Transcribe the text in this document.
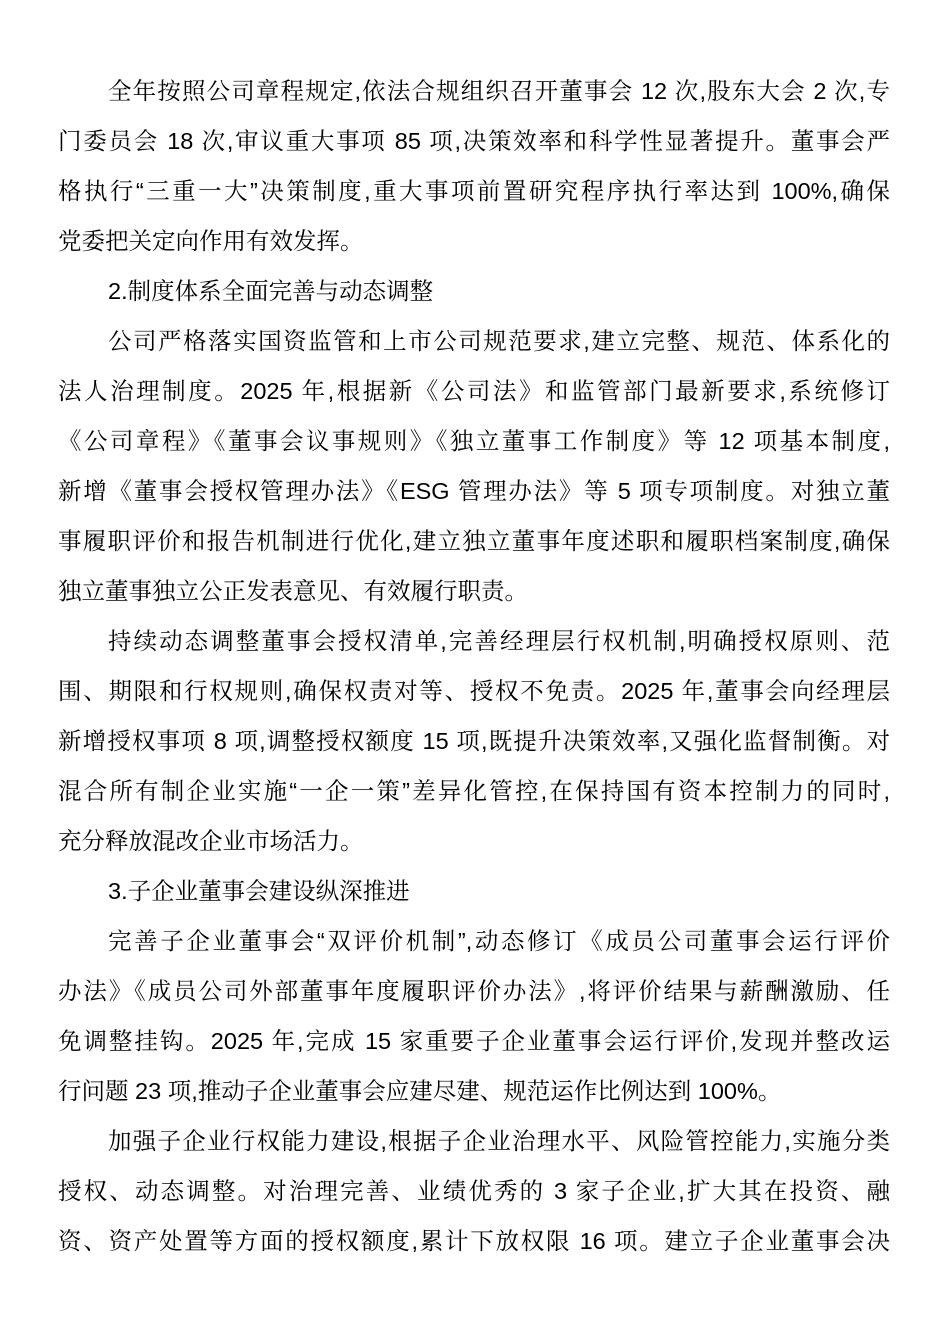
全年按照公司章程规定,依法合规组织召开董事会 12 次,股东大会 2 次,专
门委员会 18 次,审议重大事项 85 项,决策效率和科学性显著提升。董事会严
格执行“三重一大”决策制度,重大事项前置研究程序执行率达到 100%,确保
党委把关定向作用有效发挥。
2.制度体系全面完善与动态调整
公司严格落实国资监管和上市公司规范要求,建立完整、规范、体系化的
法人治理制度。2025 年,根据新《公司法》和监管部门最新要求,系统修订
《公司章程》《董事会议事规则》《独立董事工作制度》等 12 项基本制度,
新增《董事会授权管理办法》《ESG 管理办法》等 5 项专项制度。对独立董
事履职评价和报告机制进行优化,建立独立董事年度述职和履职档案制度,确保
独立董事独立公正发表意见、有效履行职责。
持续动态调整董事会授权清单,完善经理层行权机制,明确授权原则、范
围、期限和行权规则,确保权责对等、授权不免责。2025 年,董事会向经理层
新增授权事项 8 项,调整授权额度 15 项,既提升决策效率,又强化监督制衡。对
混合所有制企业实施“一企一策”差异化管控,在保持国有资本控制力的同时,
充分释放混改企业市场活力。
3.子企业董事会建设纵深推进
完善子企业董事会“双评价机制”,动态修订《成员公司董事会运行评价
办法》《成员公司外部董事年度履职评价办法》,将评价结果与薪酬激励、任
免调整挂钩。2025 年,完成 15 家重要子企业董事会运行评价,发现并整改运
行问题 23 项,推动子企业董事会应建尽建、规范运作比例达到 100%。
加强子企业行权能力建设,根据子企业治理水平、风险管控能力,实施分类
授权、动态调整。对治理完善、业绩优秀的 3 家子企业,扩大其在投资、融
资、资产处置等方面的授权额度,累计下放权限 16 项。建立子企业董事会决
